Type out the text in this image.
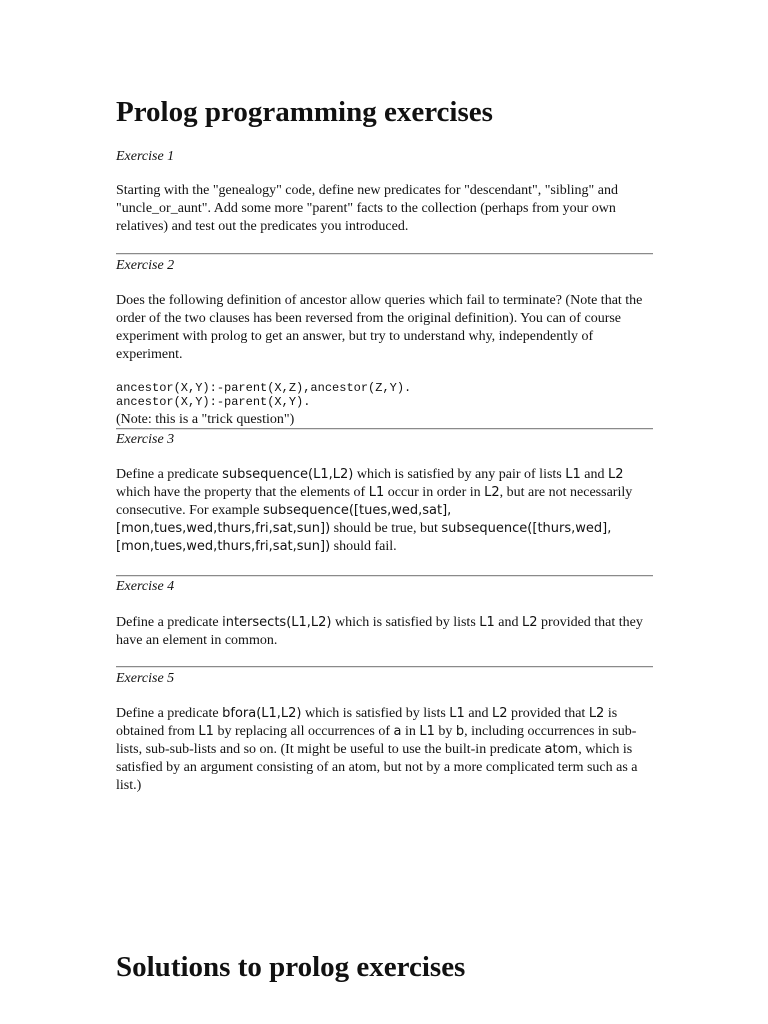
Prolog programming exercises

Exercise 1

Starting with the "genealogy" code, define new predicates for "descendant", "sibling" and "uncle_or_aunt". Add some more "parent" facts to the collection (perhaps from your own relatives) and test out the predicates you introduced.

Exercise 2

Does the following definition of ancestor allow queries which fail to terminate? (Note that the order of the two clauses has been reversed from the original definition). You can of course experiment with prolog to get an answer, but try to understand why, independently of experiment.

ancestor(X,Y):-parent(X,Z),ancestor(Z,Y).
ancestor(X,Y):-parent(X,Y).

(Note: this is a "trick question")

Exercise 3

Define a predicate subsequence(L1,L2) which is satisfied by any pair of lists L1 and L2 which have the property that the elements of L1 occur in order in L2, but are not necessarily consecutive. For example subsequence([tues,wed,sat],[mon,tues,wed,thurs,fri,sat,sun]) should be true, but subsequence([thurs,wed],[mon,tues,wed,thurs,fri,sat,sun]) should fail.

Exercise 4

Define a predicate intersects(L1,L2) which is satisfied by lists L1 and L2 provided that they have an element in common.

Exercise 5

Define a predicate bfora(L1,L2) which is satisfied by lists L1 and L2 provided that L2 is obtained from L1 by replacing all occurrences of a in L1 by b, including occurrences in sub-lists, sub-sub-lists and so on. (It might be useful to use the built-in predicate atom, which is satisfied by an argument consisting of an atom, but not by a more complicated term such as a list.)

Solutions to prolog exercises
